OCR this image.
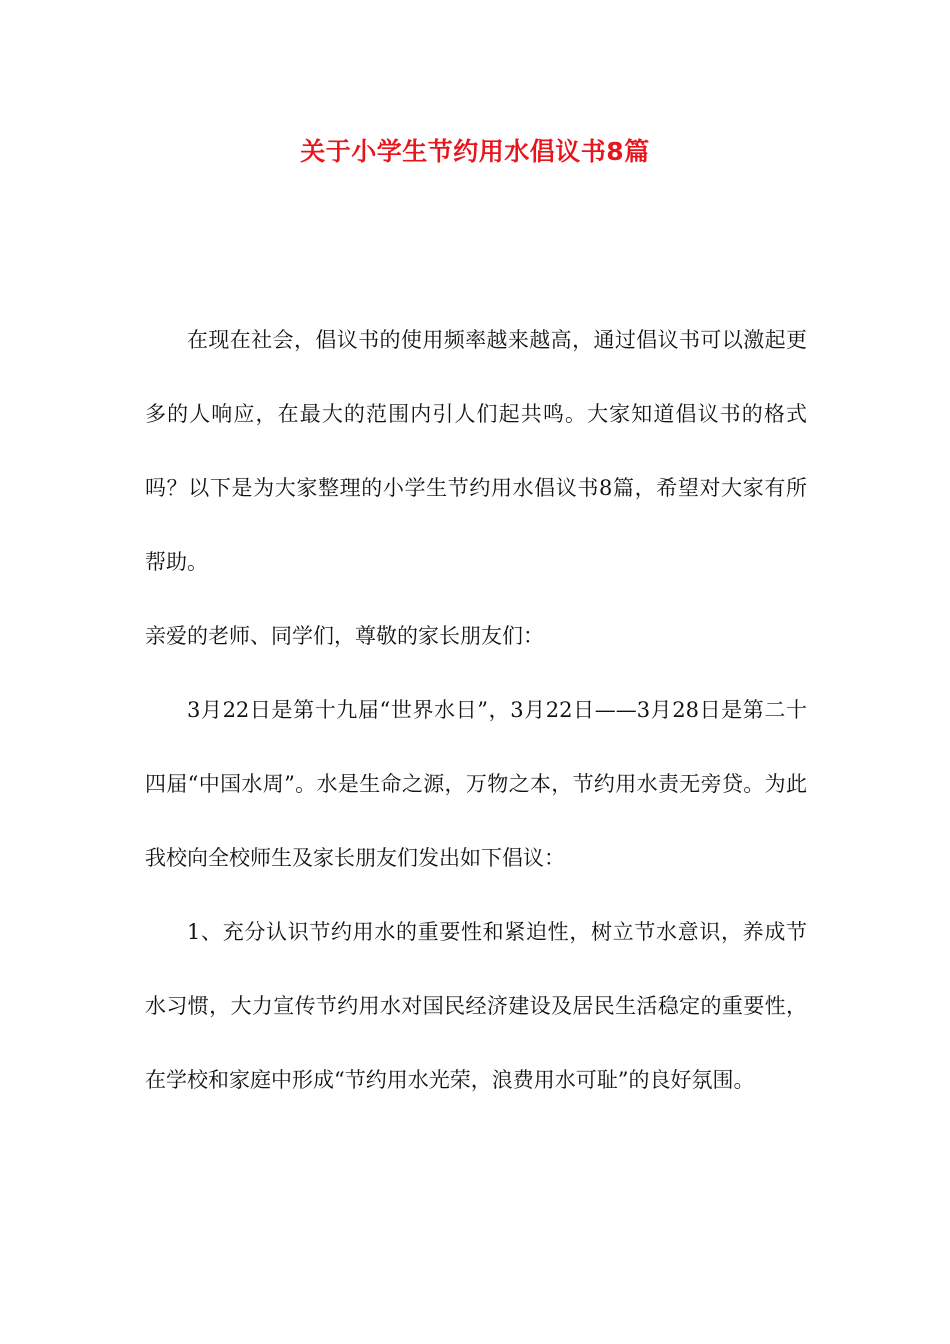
关于小学生节约用水倡议书8篇

在现在社会，倡议书的使用频率越来越高，通过倡议书可以激起更多的人响应，在最大的范围内引人们起共鸣。大家知道倡议书的格式吗？以下是为大家整理的小学生节约用水倡议书8篇，希望对大家有所帮助。

亲爱的老师、同学们，尊敬的家长朋友们：

3月22日是第十九届“世界水日”，3月22日——3月28日是第二十四届“中国水周”。水是生命之源，万物之本，节约用水责无旁贷。为此我校向全校师生及家长朋友们发出如下倡议：

1、充分认识节约用水的重要性和紧迫性，树立节水意识，养成节水习惯，大力宣传节约用水对国民经济建设及居民生活稳定的重要性，在学校和家庭中形成“节约用水光荣，浪费用水可耻”的良好氛围。
